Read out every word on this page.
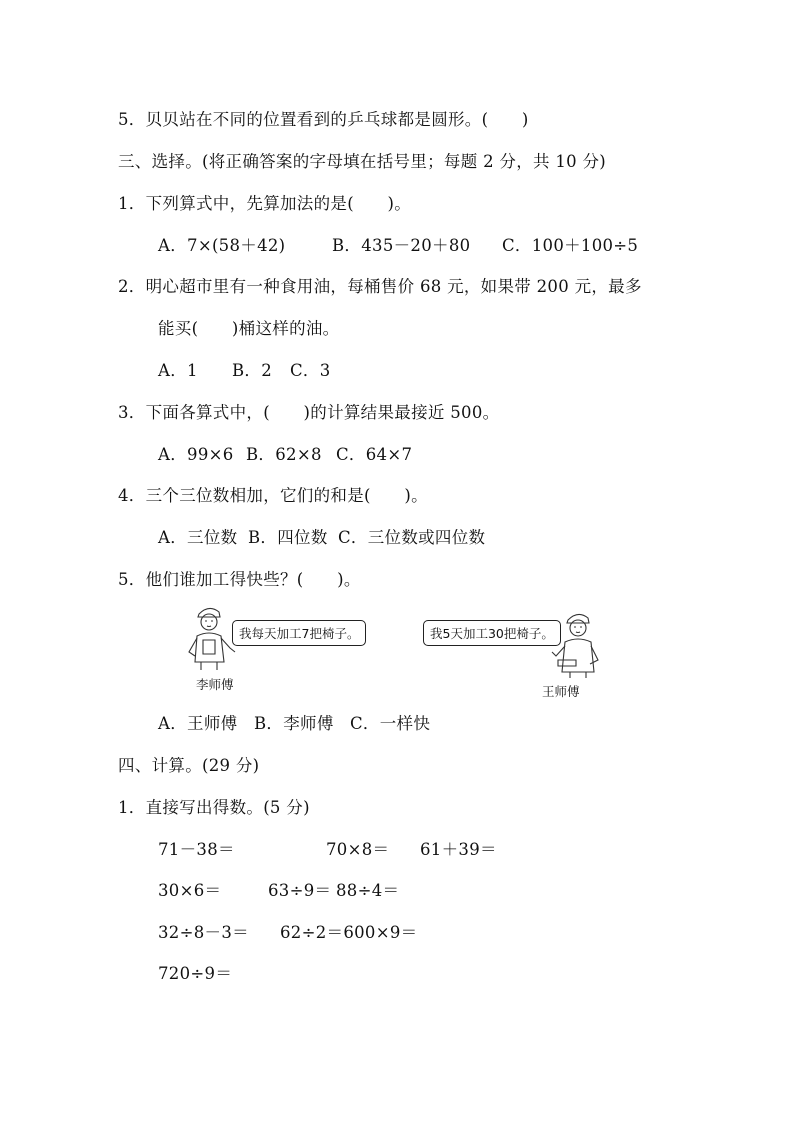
5．贝贝站在不同的位置看到的乒乓球都是圆形。(　　)
三、选择。(将正确答案的字母填在括号里；每题 2 分，共 10 分)
1．下列算式中，先算加法的是(　　)。
A．7×(58＋42)	B．435－20＋80 C．100＋100÷5
2．明心超市里有一种食用油，每桶售价 68 元，如果带 200 元，最多
能买(　　)桶这样的油。
A．1 B．2 C．3
3．下面各算式中，(　　)的计算结果最接近 500。
A．99×6 B．62×8 C．64×7
4．三个三位数相加，它们的和是(　　)。
A．三位数 B．四位数 C．三位数或四位数
5．他们谁加工得快些？(　　)。
我每天加工7把椅子。
李师傅
我5天加工30把椅子。
王师傅
A．王师傅 B．李师傅 C．一样快
四、计算。(29 分)
1．直接写出得数。(5 分)
71－38＝	70×8＝ 61＋39＝
30×6＝	63÷9＝ 88÷4＝
32÷8－3＝ 62÷2＝600×9＝
720÷9＝
